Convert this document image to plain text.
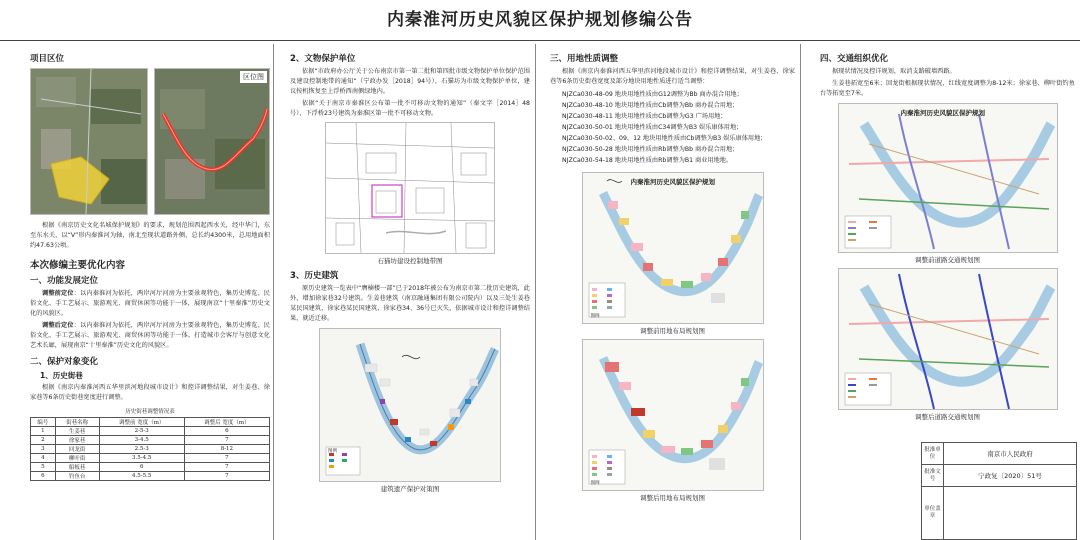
内秦淮河历史风貌区保护规划修编公告
项目区位
区位图

根据《南京历史文化名城保护规划》的要求，规划范围西起西水关，经中华门，东至东水关，以“V”形内秦淮河为轴，南北至现状道路外侧，总长约4300米，总用地面积约47.63公顷。

本次修编主要优化内容
一、功能发展定位

调整前定位：以内秦淮河为依托，两岸河厅河房为主要景观特色，集历史博览、民俗文化、手工艺展示、旅游观光、商贸休闲等功能于一体，展现南京“十里秦淮”历史文化的风貌区。

调整后定位：以内秦淮河为依托，两岸河厅河房为主要景观特色，集历史博览、民俗文化、手工艺展示、旅游观光、商贸休闲等功能于一体，打造城市会客厅与创意文化艺术长廊，展现南京“十里秦淮”历史文化的风貌区。

二、保护对象变化
1、历史街巷

根据《南京内秦淮河西五华里滨河地段城市设计》和控详调整结果，对生姜巷、徐家巷等6条历史街巷宽度进行调整。

历史街巷调整情况表
编号	街巷名称	调整前 宽度（m）	调整后 宽度（m）
1	生姜巷	2-5-3	6
2	徐家巷	3-4.5	7
3	回龙街	2.5-3	8-12
4	柳叶街	3.5-4.5	7
5	船板巷	6	7
6	钓鱼台	4.5-5.5	7
2、文物保护单位

依据“市政府办公厅关于公布南京市第一第二批和第四批市级文物保护单位保护范围及建设控制地带的通知”（宁政办发［2018］94号），石猫坊为市级文物保护单位，建议按机恢复至上浮桥西南侧绿地内。

依据“关于南京市秦淮区公布第一批不可移动文物的通知”（秦文字［2014］48号），下浮桥23号建筑为秦淮区第一批不可移动文物。

石猫坊建设控制地带图
3、历史建筑

原历史建筑一览表中“膺楠楼一部”已于2018年被公布为南京市第二批历史建筑，此外，增加徐家巷32号建筑。生姜巷建筑（南京融通集团有限公司院内）以及三处生姜巷某民国建筑，徐家巷某民国建筑，徐家巷34、36号已灭失，依据城市设计和控详调整结果，就近迁移。

图例
建筑遗产保护对策图
三、用地性质调整

根据《南京内秦淮河西五华里滨河地段城市设计》和控详调整结果，对生姜巷、徐家巷等6条历史街巷宽度及部分地块用地性质进行适当调整：

NJZCa030-48-09 地块用地性质由G12调整为Bb 商办混合用地；
NJZCa030-48-10 地块用地性质由Cb调整为Bb 商办混合用地；
NJZCa030-48-11 地块用地性质由Cb调整为G3 广场用地；
NJZCa030-50-01 地块用地性质由C34调整为B3 娱乐康体用地；
NJZCa030-50-02、09、12 地块用地性质由Cb调整为B3 娱乐康体用地；
NJZCa030-50-28 地块用地性质由Rb调整为Bb 商办混合用地；
NJZCa030-54-18 地块用地性质由Rb调整为B1 商业用地地。
内秦淮河历史风貌区保护规划
图例
调整前用地布局规划图
图例
调整后用地布局规划图
四、交通组织优化

据现状情况及控详规划，取消支路破墙西路。

生姜巷拓宽至6米；回龙街根据现状情况，红线宽度调整为8-12米；徐家巷、柳叶街钓鱼台等拓宽至7米。

内秦淮河历史风貌区保护规划
调整前道路交通规划图
调整后道路交通规划图
批准单位	南京市人民政府
批准文号	宁政复〔2020〕51号
单位盖章
